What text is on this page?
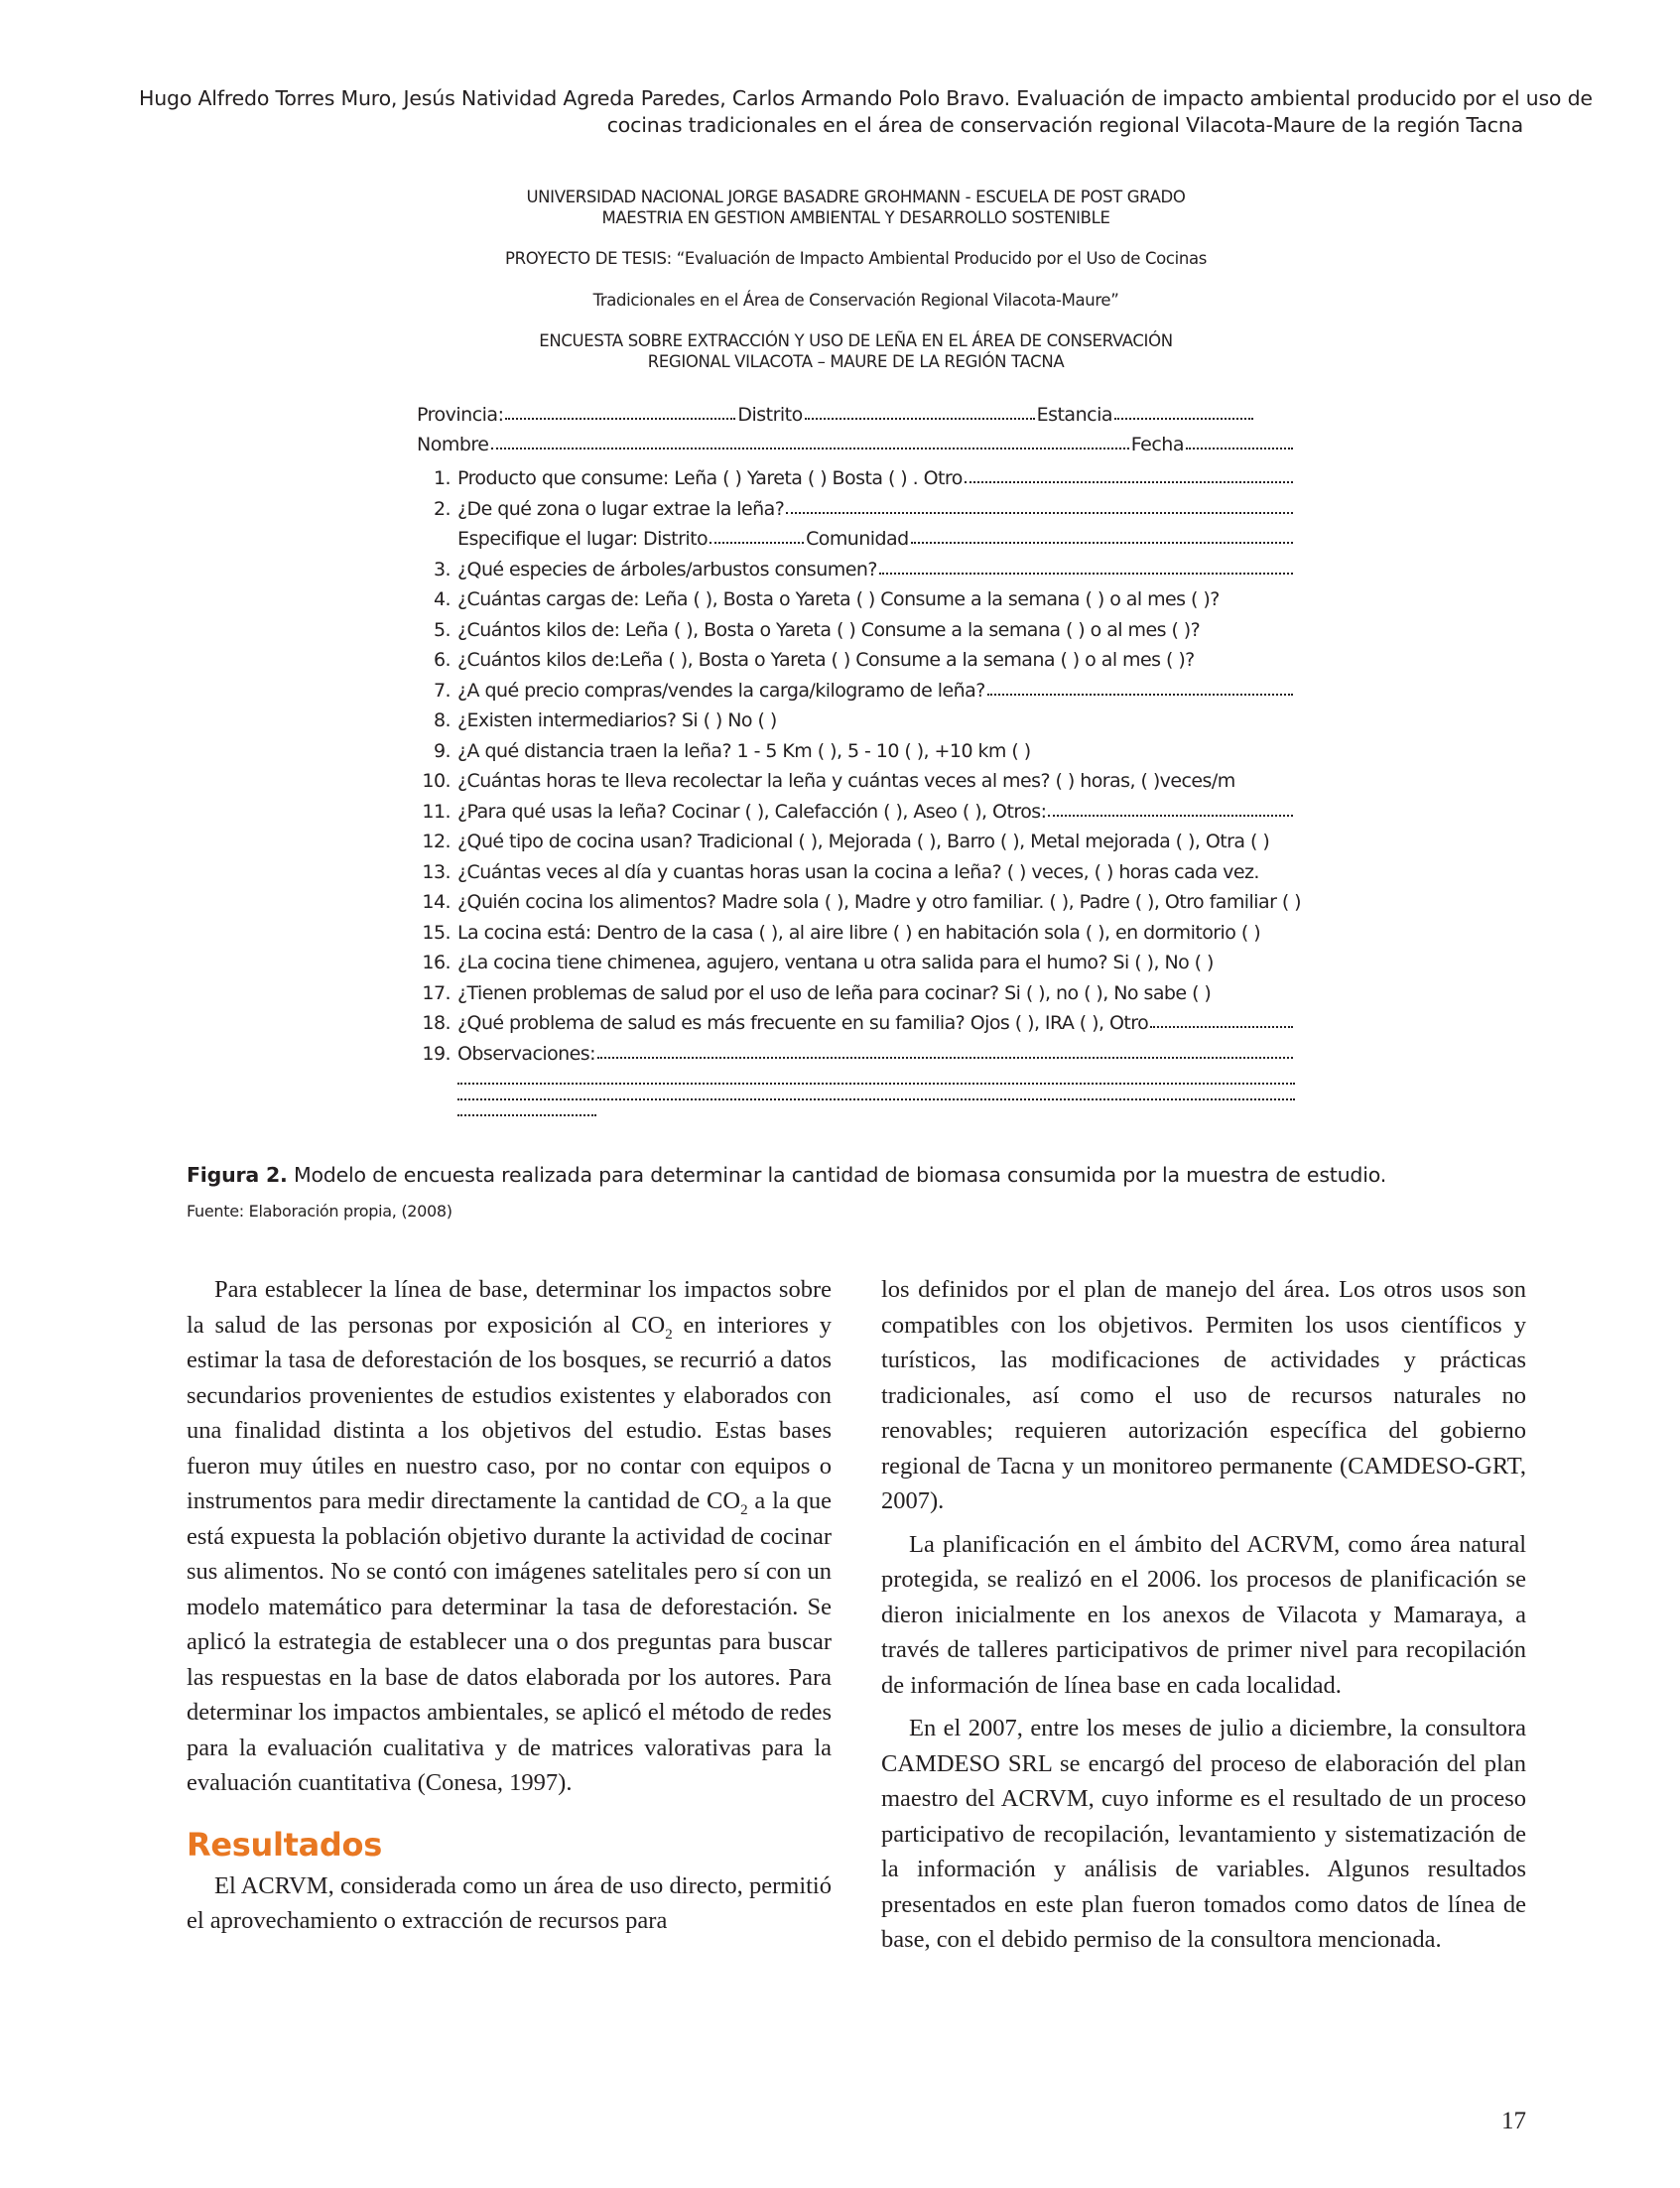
Hugo Alfredo Torres Muro, Jesús Natividad Agreda Paredes, Carlos Armando Polo Bravo. Evaluación de impacto ambiental producido por el uso de
cocinas tradicionales en el área de conservación regional Vilacota-Maure de la región Tacna
UNIVERSIDAD NACIONAL JORGE BASADRE GROHMANN - ESCUELA DE POST GRADO
MAESTRIA EN GESTION AMBIENTAL Y DESARROLLO SOSTENIBLE
PROYECTO DE TESIS: “Evaluación de Impacto Ambiental Producido por el Uso de Cocinas
Tradicionales en el Área de Conservación Regional Vilacota-Maure”
ENCUESTA SOBRE EXTRACCIÓN Y USO DE LEÑA EN EL ÁREA DE CONSERVACIÓN
REGIONAL VILACOTA – MAURE DE LA REGIÓN TACNA
Provincia:	Distrito	Estancia
Nombre	Fecha
1. Producto que consume: Leña ( ) Yareta ( ) Bosta ( ) . Otro
2. ¿De qué zona o lugar extrae la leña?
Especifique el lugar: Distrito	Comunidad
3. ¿Qué especies de árboles/arbustos consumen?
4. ¿Cuántas cargas de: Leña ( ), Bosta o Yareta ( ) Consume a la semana ( ) o al mes ( )?
5. ¿Cuántos kilos de: Leña ( ), Bosta o Yareta ( ) Consume a la semana ( ) o al mes ( )?
6. ¿Cuántos kilos de:Leña ( ), Bosta o Yareta ( ) Consume a la semana ( ) o al mes ( )?
7. ¿A qué precio compras/vendes la carga/kilogramo de leña?
8. ¿Existen intermediarios? Si ( ) No ( )
9. ¿A qué distancia traen la leña? 1 - 5 Km ( ), 5 - 10 ( ), +10 km ( )
10. ¿Cuántas horas te lleva recolectar la leña y cuántas veces al mes? ( ) horas, ( )veces/m
11. ¿Para qué usas la leña? Cocinar ( ), Calefacción ( ), Aseo ( ), Otros:
12. ¿Qué tipo de cocina usan? Tradicional ( ), Mejorada ( ), Barro ( ), Metal mejorada ( ), Otra ( )
13. ¿Cuántas veces al día y cuantas horas usan la cocina a leña? ( ) veces, ( ) horas cada vez.
14. ¿Quién cocina los alimentos? Madre sola ( ), Madre y otro familiar. ( ), Padre ( ), Otro familiar ( )
15. La cocina está: Dentro de la casa ( ), al aire libre ( ) en habitación sola ( ), en dormitorio ( )
16. ¿La cocina tiene chimenea, agujero, ventana u otra salida para el humo? Si ( ), No ( )
17. ¿Tienen problemas de salud por el uso de leña para cocinar? Si ( ), no ( ), No sabe ( )
18. ¿Qué problema de salud es más frecuente en su familia? Ojos ( ), IRA ( ), Otro
19. Observaciones:
Figura 2. Modelo de encuesta realizada para determinar la cantidad de biomasa consumida por la muestra de estudio.
Fuente: Elaboración propia, (2008)

Para establecer la línea de base, determinar los impactos sobre la salud de las personas por exposición al $CO_2$ en interiores y estimar la tasa de deforestación de los bosques, se recurrió a datos secundarios provenientes de estudios existentes y elaborados con una finalidad distinta a los objetivos del estudio. Estas bases fueron muy útiles en nuestro caso, por no contar con equipos o instrumentos para medir directamente la cantidad de $CO_2$ a la que está expuesta la población objetivo durante la actividad de cocinar sus alimentos. No se contó con imágenes satelitales pero sí con un modelo matemático para determinar la tasa de deforestación. Se aplicó la estrategia de establecer una o dos preguntas para buscar las respuestas en la base de datos elaborada por los autores. Para determinar los impactos ambientales, se aplicó el método de redes para la evaluación cualitativa y de matrices valorativas para la evaluación cuantitativa (Conesa, 1997).

Resultados

El ACRVM, considerada como un área de uso directo, permitió el aprovechamiento o extracción de recursos para

los definidos por el plan de manejo del área. Los otros usos son compatibles con los objetivos. Permiten los usos científicos y turísticos, las modificaciones de actividades y prácticas tradicionales, así como el uso de recursos naturales no renovables; requieren autorización específica del gobierno regional de Tacna y un monitoreo permanente (CAMDESO-GRT, 2007).

La planificación en el ámbito del ACRVM, como área natural protegida, se realizó en el 2006. los procesos de planificación se dieron inicialmente en los anexos de Vilacota y Mamaraya, a través de talleres participativos de primer nivel para recopilación de información de línea base en cada localidad.

En el 2007, entre los meses de julio a diciembre, la consultora CAMDESO SRL se encargó del proceso de elaboración del plan maestro del ACRVM, cuyo informe es el resultado de un proceso participativo de recopilación, levantamiento y sistematización de la información y análisis de variables. Algunos resultados presentados en este plan fueron tomados como datos de línea de base, con el debido permiso de la consultora mencionada.

17
